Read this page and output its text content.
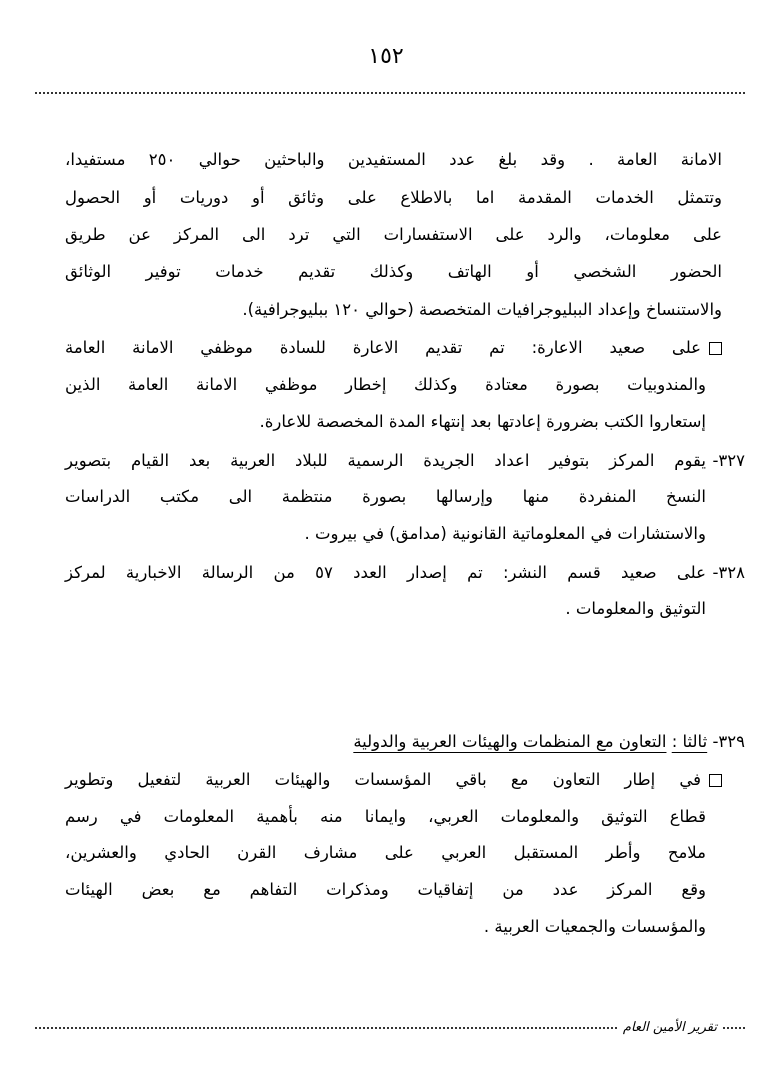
١٥٢
الامانة العامة . وقد بلغ عدد المستفيدين والباحثين حوالي ٢٥٠ مستفيدا،
وتتمثل الخدمات المقدمة اما بالاطلاع على وثائق أو دوريات أو الحصول
على معلومات، والرد على الاستفسارات التي ترد الى المركز عن طريق
الحضور الشخصي أو الهاتف وكذلك تقديم خدمات توفير الوثائق
والاستنساخ وإعداد الببليوجرافيات المتخصصة (حوالي ١٢٠ ببليوجرافية).
على صعيد الاعارة: تم تقديم الاعارة للسادة موظفي الامانة العامة
والمندوبيات بصورة معتادة وكذلك إخطار موظفي الامانة العامة الذين
إستعاروا الكتب بضرورة إعادتها بعد إنتهاء المدة المخصصة للاعارة.
٣٢٧-
يقوم المركز بتوفير اعداد الجريدة الرسمية للبلاد العربية بعد القيام بتصوير
النسخ المنفردة منها وإرسالها بصورة منتظمة الى مكتب الدراسات
والاستشارات في المعلوماتية القانونية (مدامق) في بيروت .
٣٢٨-
على صعيد قسم النشر: تم إصدار العدد ٥٧ من الرسالة الاخبارية لمركز
التوثيق والمعلومات .
٣٢٩- ثالثا : التعاون مع المنظمات والهيئات العربية والدولية
في إطار التعاون مع باقي المؤسسات والهيئات العربية لتفعيل وتطوير
قطاع التوثيق والمعلومات العربي، وايمانا منه بأهمية المعلومات في رسم
ملامح وأطر المستقبل العربي على مشارف القرن الحادي والعشرين،
وقع المركز عدد من إتفاقيات ومذكرات التفاهم مع بعض الهيئات
والمؤسسات والجمعيات العربية .
تقرير الأمين العام
